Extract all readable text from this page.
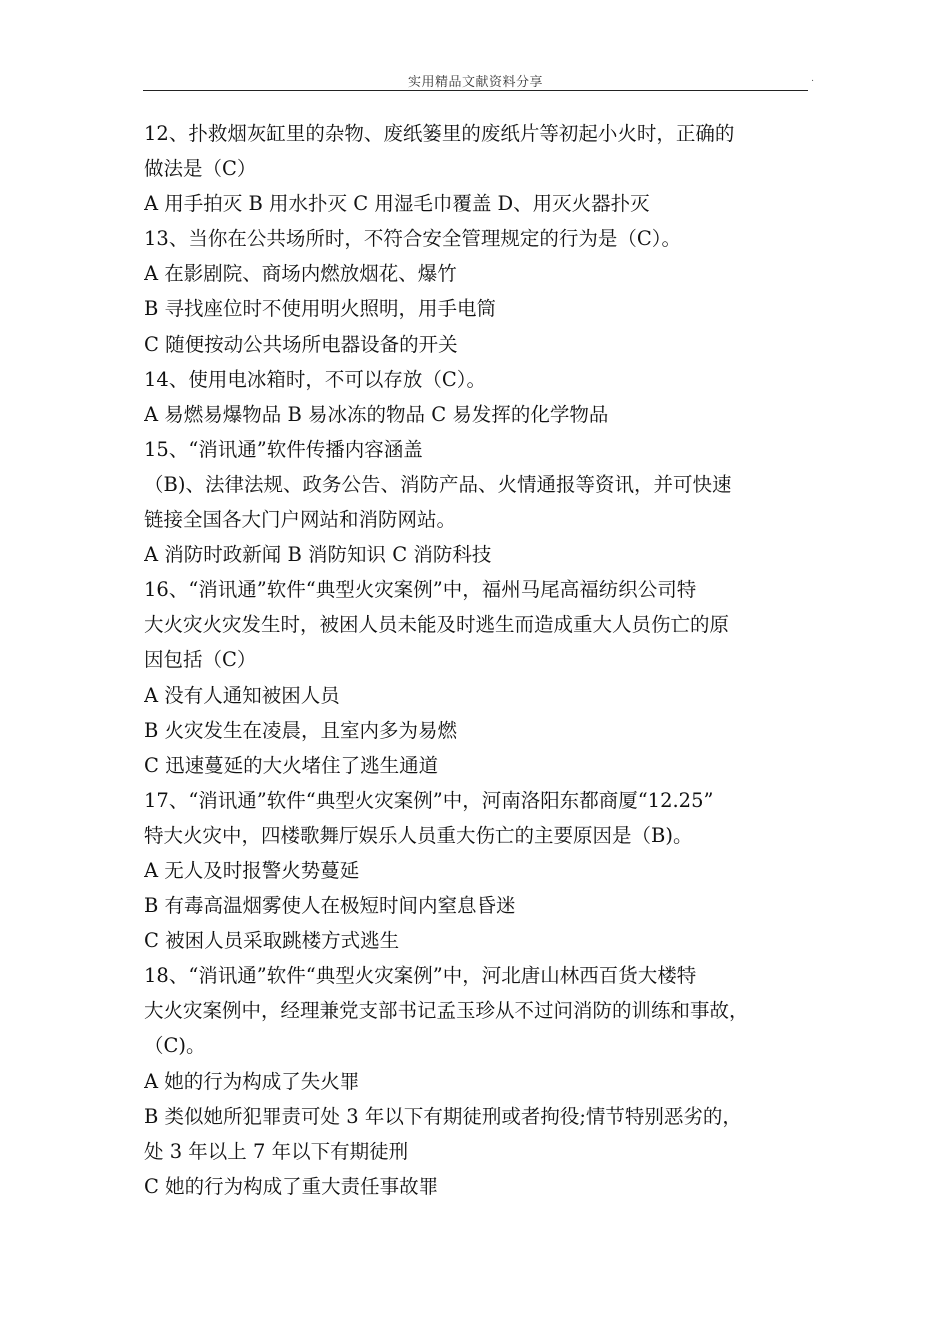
实用精品文献资料分享	.
12、扑救烟灰缸里的杂物、废纸篓里的废纸片等初起小火时，正确的
做法是（C）
A 用手拍灭 B 用水扑灭 C 用湿毛巾覆盖 D、用灭火器扑灭
13、当你在公共场所时，不符合安全管理规定的行为是（C）。
A 在影剧院、商场内燃放烟花、爆竹
B 寻找座位时不使用明火照明，用手电筒
C 随便按动公共场所电器设备的开关
14、使用电冰箱时，不可以存放（C）。
A 易燃易爆物品 B 易冰冻的物品 C 易发挥的化学物品
15、“消讯通”软件传播内容涵盖
（B)、法律法规、政务公告、消防产品、火情通报等资讯，并可快速
链接全国各大门户网站和消防网站。
A 消防时政新闻 B 消防知识 C 消防科技
16、“消讯通”软件“典型火灾案例”中，福州马尾高福纺织公司特
大火灾火灾发生时，被困人员未能及时逃生而造成重大人员伤亡的原
因包括（C）
A 没有人通知被困人员
B 火灾发生在凌晨，且室内多为易燃
C 迅速蔓延的大火堵住了逃生通道
17、“消讯通”软件“典型火灾案例”中，河南洛阳东都商厦“12.25”
特大火灾中，四楼歌舞厅娱乐人员重大伤亡的主要原因是（B)。
A 无人及时报警火势蔓延
B 有毒高温烟雾使人在极短时间内窒息昏迷
C 被困人员采取跳楼方式逃生
18、“消讯通”软件“典型火灾案例”中，河北唐山林西百货大楼特
大火灾案例中，经理兼党支部书记孟玉珍从不过问消防的训练和事故，
（C)。
A 她的行为构成了失火罪
B 类似她所犯罪责可处 3 年以下有期徒刑或者拘役;情节特别恶劣的，
处 3 年以上 7 年以下有期徒刑
C 她的行为构成了重大责任事故罪
